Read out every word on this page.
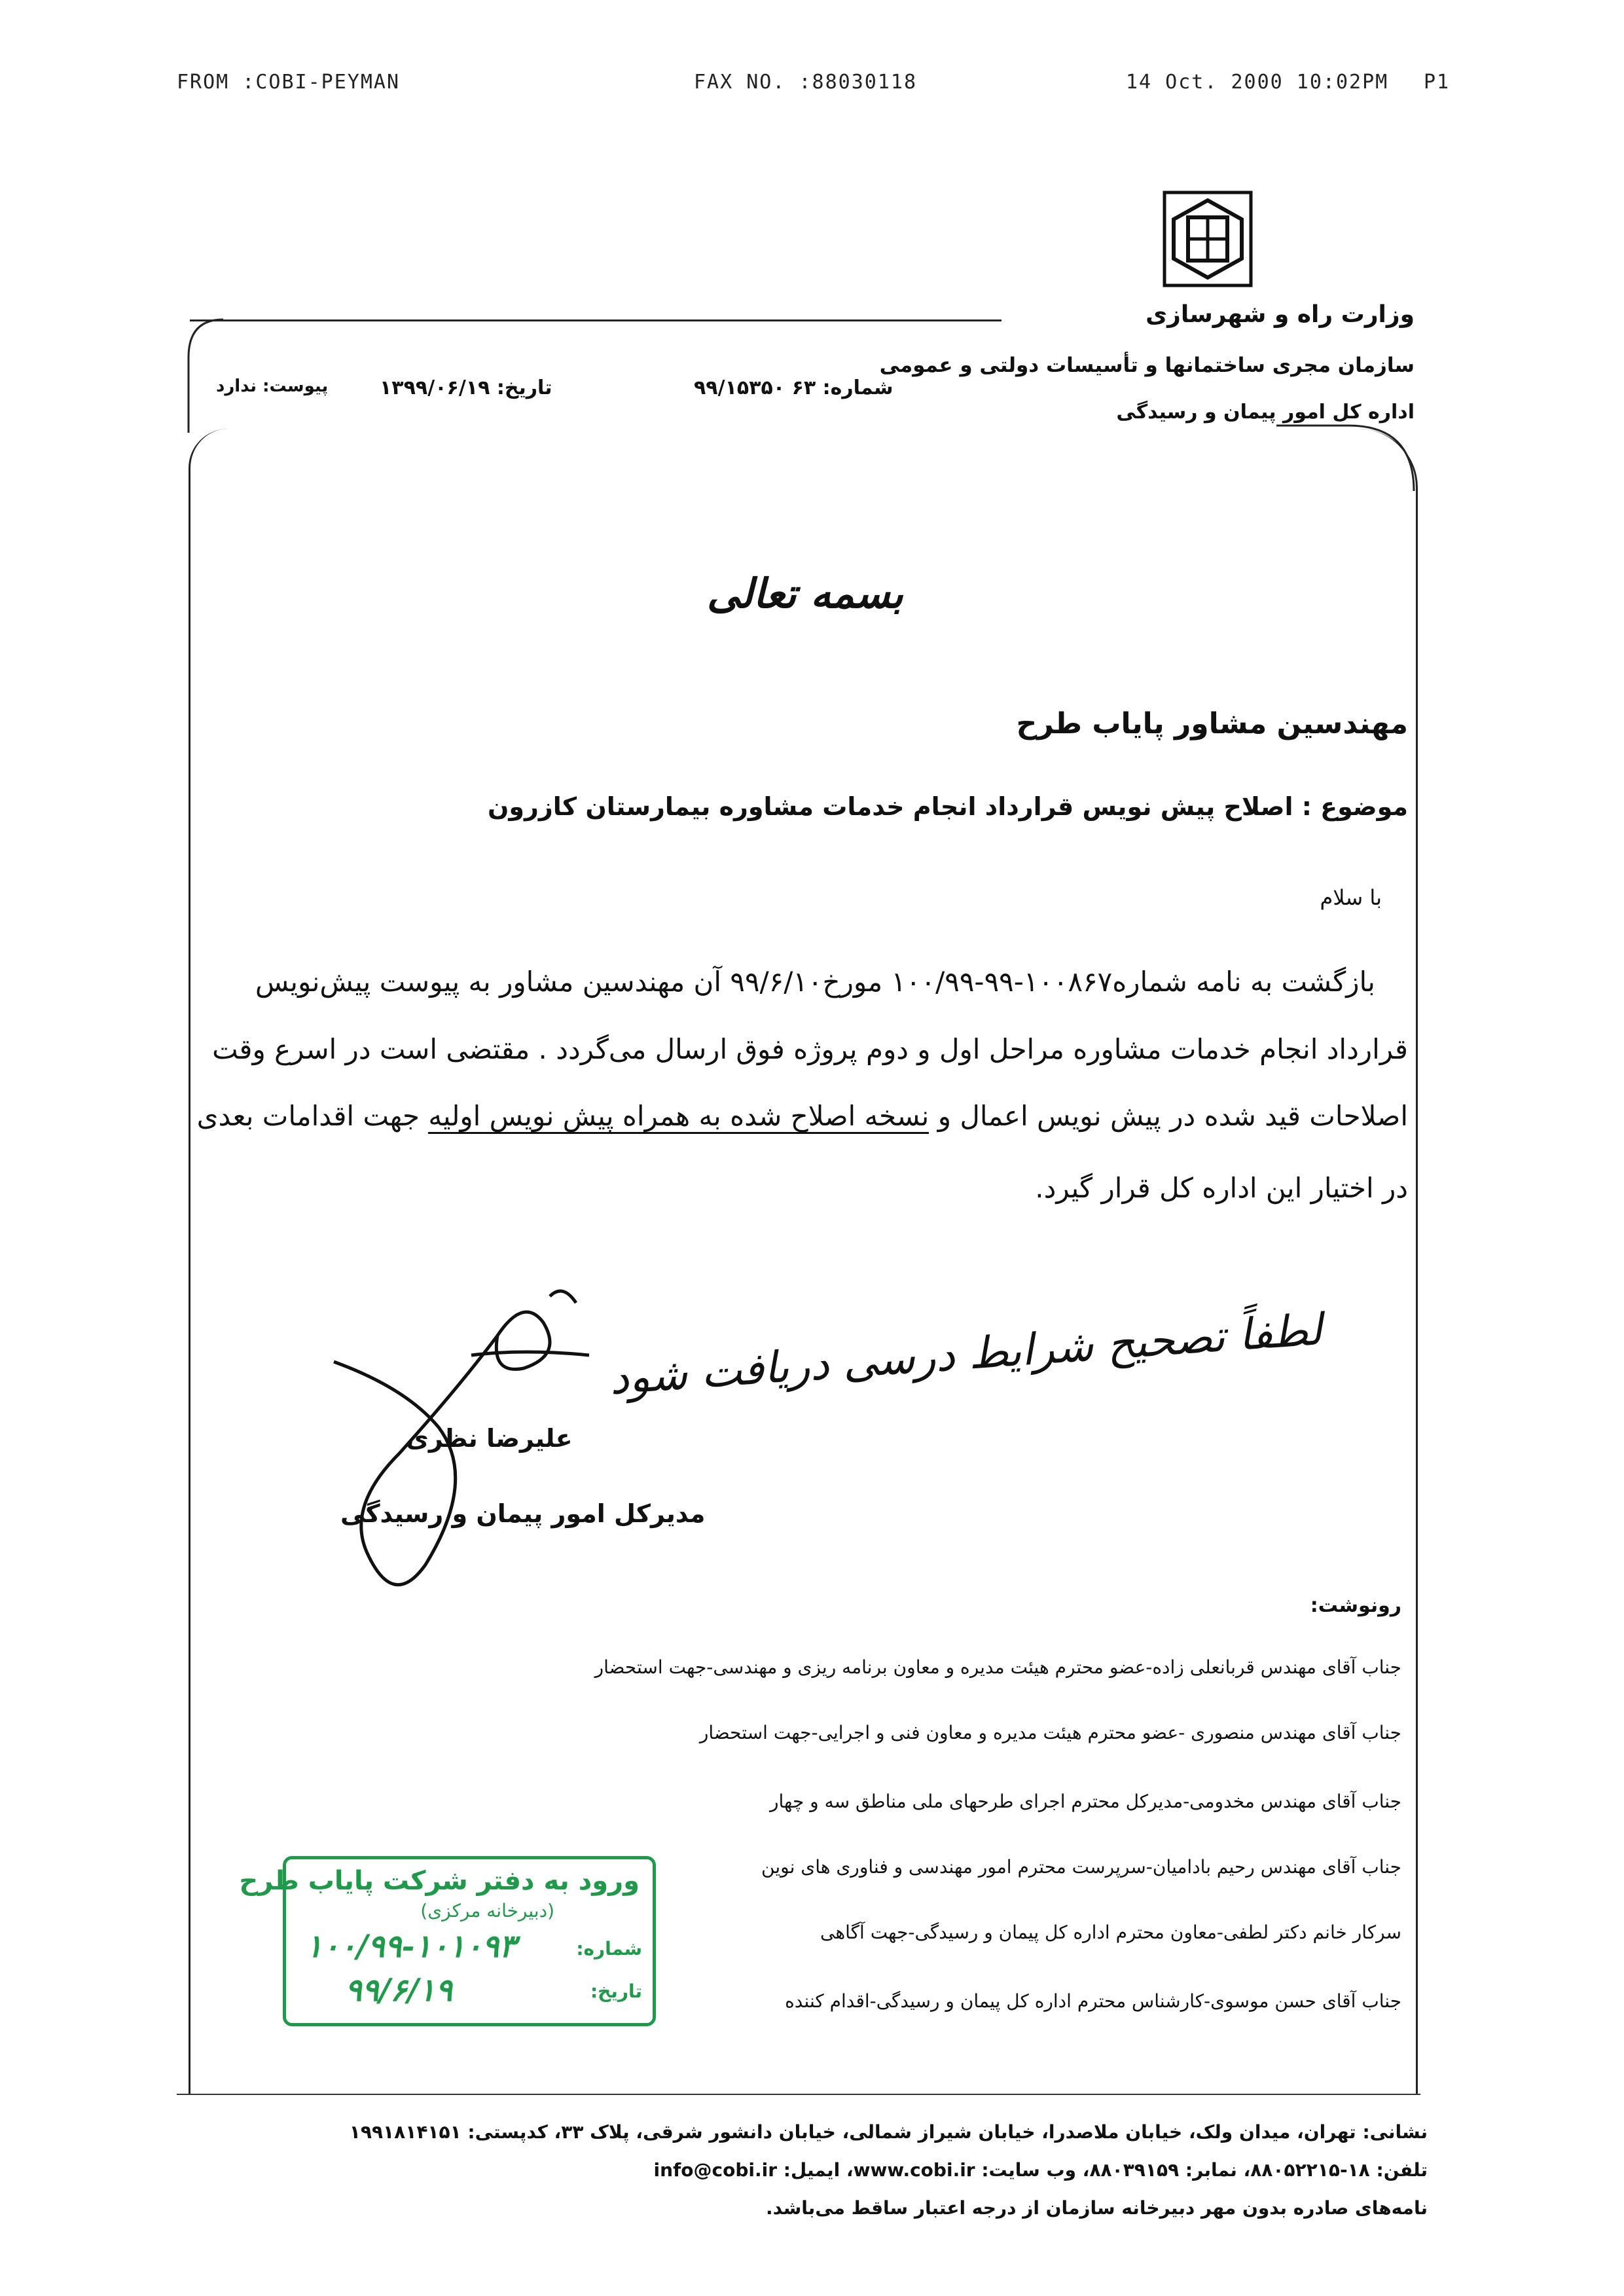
FROM :COBI-PEYMAN	FAX NO. :88030118	14 Oct. 2000 10:02PM P1
وزارت راه و شهرسازی
سازمان مجری ساختمانها و تأسیسات دولتی و عمومی
اداره کل امور پیمان و رسیدگی
شماره: ۶۳ ۹۹/۱۵۳۵۰
تاریخ: ۱۳۹۹/۰۶/۱۹
پیوست: ندارد
بسمه تعالی
مهندسین مشاور پایاب طرح
موضوع : اصلاح پیش نویس قرارداد انجام خدمات مشاوره بیمارستان کازرون
با سلام
بازگشت به نامه شماره۱۰۰۸۶۷-۹۹-۱۰۰/۹۹ مورخ۹۹/۶/۱۰ آن مهندسین مشاور به پیوست پیش‌نویس
قرارداد انجام خدمات مشاوره مراحل اول و دوم پروژه فوق ارسال می‌گردد . مقتضی است در اسرع وقت
اصلاحات قید شده در پیش نویس اعمال و نسخه اصلاح شده به همراه پیش نویس اولیه جهت اقدامات بعدی
در اختیار این اداره کل قرار گیرد.
لطفاً تصحیح شرایط درسی دریافت شود
علیرضا نظری
مدیرکل امور پیمان و رسیدگی
رونوشت:
جناب آقای مهندس قربانعلی زاده-عضو محترم هیئت مدیره و معاون برنامه ریزی و مهندسی-جهت استحضار
جناب آقای مهندس منصوری -عضو محترم هیئت مدیره و معاون فنی و اجرایی-جهت استحضار
جناب آقای مهندس مخدومی-مدیرکل محترم اجرای طرحهای ملی مناطق سه و چهار
جناب آقای مهندس رحیم بادامیان-سرپرست محترم امور مهندسی و فناوری های نوین
سرکار خانم دکتر لطفی-معاون محترم اداره کل پیمان و رسیدگی-جهت آگاهی
جناب آقای حسن موسوی-کارشناس محترم اداره کل پیمان و رسیدگی-اقدام کننده
ورود به دفتر شرکت پایاب طرح
(دبیرخانه مرکزی)
شماره:
۱۰۰/۹۹-۱۰۱۰۹۳
تاریخ:
۹۹/۶/۱۹
نشانی: تهران، میدان ولک، خیابان ملاصدرا، خیابان شیراز شمالی، خیابان دانشور شرقی، پلاک ۳۳، کدپستی: ۱۹۹۱۸۱۴۱۵۱
تلفن: ۱۸-۸۸۰۵۲۲۱۵، نمابر: ۸۸۰۳۹۱۵۹، وب سایت: www.cobi.ir، ایمیل: info@cobi.ir
نامه‌های صادره بدون مهر دبیرخانه سازمان از درجه اعتبار ساقط می‌باشد.
